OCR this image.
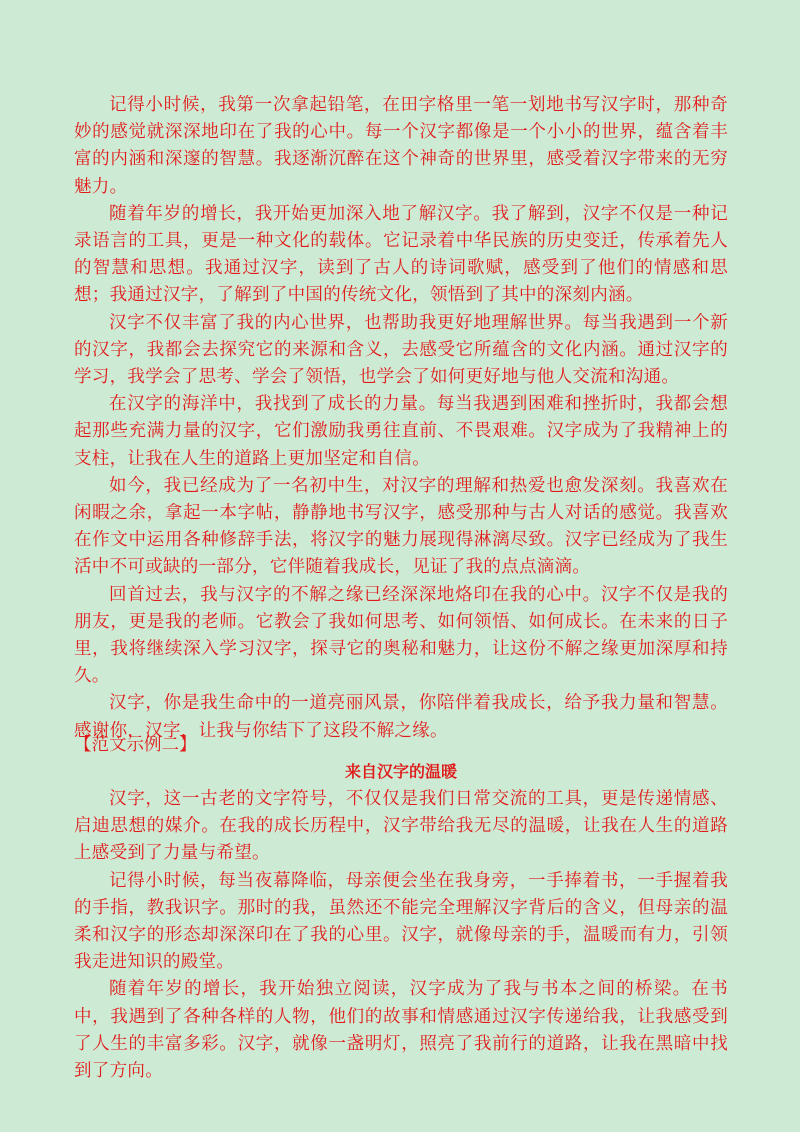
记得小时候，我第一次拿起铅笔，在田字格里一笔一划地书写汉字时，那种奇妙的感觉就深深地印在了我的心中。每一个汉字都像是一个小小的世界，蕴含着丰富的内涵和深邃的智慧。我逐渐沉醉在这个神奇的世界里，感受着汉字带来的无穷魅力。

随着年岁的增长，我开始更加深入地了解汉字。我了解到，汉字不仅是一种记录语言的工具，更是一种文化的载体。它记录着中华民族的历史变迁，传承着先人的智慧和思想。我通过汉字，读到了古人的诗词歌赋，感受到了他们的情感和思想；我通过汉字，了解到了中国的传统文化，领悟到了其中的深刻内涵。

汉字不仅丰富了我的内心世界，也帮助我更好地理解世界。每当我遇到一个新的汉字，我都会去探究它的来源和含义，去感受它所蕴含的文化内涵。通过汉字的学习，我学会了思考、学会了领悟，也学会了如何更好地与他人交流和沟通。

在汉字的海洋中，我找到了成长的力量。每当我遇到困难和挫折时，我都会想起那些充满力量的汉字，它们激励我勇往直前、不畏艰难。汉字成为了我精神上的支柱，让我在人生的道路上更加坚定和自信。

如今，我已经成为了一名初中生，对汉字的理解和热爱也愈发深刻。我喜欢在闲暇之余，拿起一本字帖，静静地书写汉字，感受那种与古人对话的感觉。我喜欢在作文中运用各种修辞手法，将汉字的魅力展现得淋漓尽致。汉字已经成为了我生活中不可或缺的一部分，它伴随着我成长，见证了我的点点滴滴。

回首过去，我与汉字的不解之缘已经深深地烙印在我的心中。汉字不仅是我的朋友，更是我的老师。它教会了我如何思考、如何领悟、如何成长。在未来的日子里，我将继续深入学习汉字，探寻它的奥秘和魅力，让这份不解之缘更加深厚和持久。

汉字，你是我生命中的一道亮丽风景，你陪伴着我成长，给予我力量和智慧。感谢你，汉字，让我与你结下了这段不解之缘。

【范文示例二】
来自汉字的温暖

汉字，这一古老的文字符号，不仅仅是我们日常交流的工具，更是传递情感、启迪思想的媒介。在我的成长历程中，汉字带给我无尽的温暖，让我在人生的道路上感受到了力量与希望。

记得小时候，每当夜幕降临，母亲便会坐在我身旁，一手捧着书，一手握着我的手指，教我识字。那时的我，虽然还不能完全理解汉字背后的含义，但母亲的温柔和汉字的形态却深深印在了我的心里。汉字，就像母亲的手，温暖而有力，引领我走进知识的殿堂。

随着年岁的增长，我开始独立阅读，汉字成为了我与书本之间的桥梁。在书中，我遇到了各种各样的人物，他们的故事和情感通过汉字传递给我，让我感受到了人生的丰富多彩。汉字，就像一盏明灯，照亮了我前行的道路，让我在黑暗中找到了方向。
